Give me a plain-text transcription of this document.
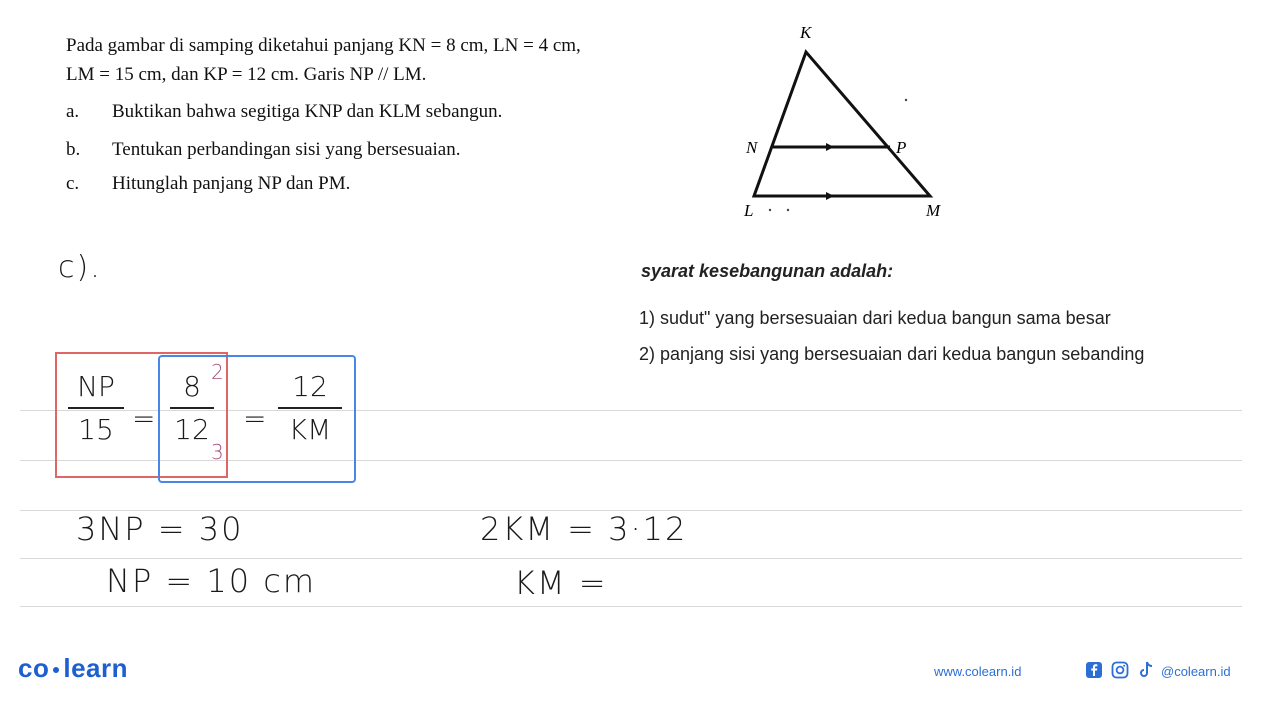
Pada gambar di samping diketahui panjang KN = 8 cm, LN = 4 cm,
LM = 15 cm, dan KP = 12 cm. Garis NP // LM.
a. Buktikan bahwa segitiga KNP dan KLM sebangun.
b. Tentukan perbandingan sisi yang bersesuaian.
c. Hitunglah panjang NP dan PM.
K
N	P
L	M
c).
NP
15 =
8
12
2
3
=
12
KM
3NP = 30
NP = 10 cm
2KM = 3·12
KM =
syarat kesebangunan adalah:
1) sudut" yang bersesuaian dari kedua bangun sama besar
2) panjang sisi yang bersesuaian dari kedua bangun sebanding
co learn	www.colearn.id	@colearn.id
